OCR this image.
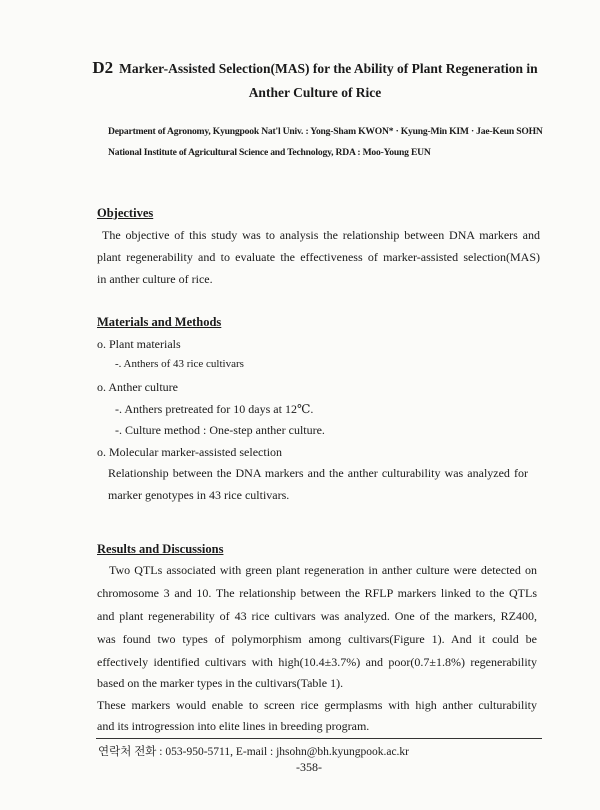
D2 Marker-Assisted Selection(MAS) for the Ability of Plant Regeneration in
Anther Culture of Rice
Department of Agronomy, Kyungpook Nat'l Univ. : Yong-Sham KWON* · Kyung-Min KIM · Jae-Keun SOHN
National Institute of Agricultural Science and Technology, RDA : Moo-Young EUN
Objectives
The objective of this study was to analysis the relationship between DNA markers and
plant regenerability and to evaluate the effectiveness of marker-assisted selection(MAS)
in anther culture of rice.
Materials and Methods
o. Plant materials
-. Anthers of 43 rice cultivars
o. Anther culture
-. Anthers pretreated for 10 days at 12℃.
-. Culture method : One-step anther culture.
o. Molecular marker-assisted selection
Relationship between the DNA markers and the anther culturability was analyzed for
marker genotypes in 43 rice cultivars.
Results and Discussions
Two QTLs associated with green plant regeneration in anther culture were detected on
chromosome 3 and 10. The relationship between the RFLP markers linked to the QTLs
and plant regenerability of 43 rice cultivars was analyzed. One of the markers, RZ400,
was found two types of polymorphism among cultivars(Figure 1). And it could be
effectively identified cultivars with high(10.4±3.7%) and poor(0.7±1.8%) regenerability
based on the marker types in the cultivars(Table 1).
These markers would enable to screen rice germplasms with high anther culturability
and its introgression into elite lines in breeding program.
연락처 전화 : 053-950-5711, E-mail : jhsohn@bh.kyungpook.ac.kr
-358-
